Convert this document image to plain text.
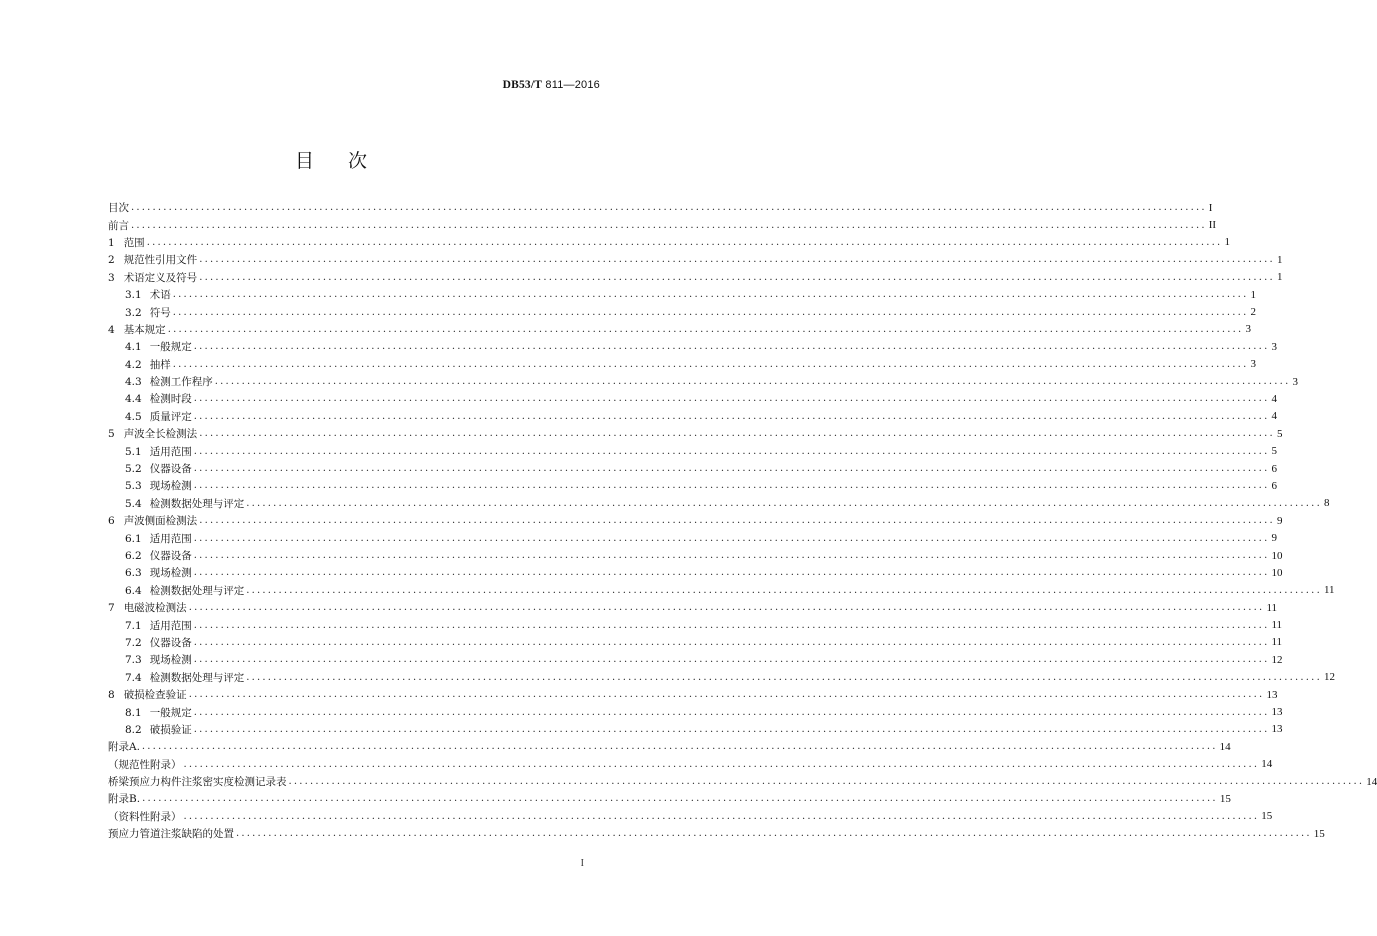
DB53/T 811—2016
目次
目次 ........................................................................................................................................................................................................ I
前言 ........................................................................................................................................................................................................ II
1 范围 ........................................................................................................................................................................................................ 1
2 规范性引用文件 ........................................................................................................................................................................................................ 1
3 术语定义及符号 ........................................................................................................................................................................................................ 1
3.1 术语 ........................................................................................................................................................................................................ 1
3.2 符号 ........................................................................................................................................................................................................ 2
4 基本规定 ........................................................................................................................................................................................................ 3
4.1 一般规定 ........................................................................................................................................................................................................ 3
4.2 抽样 ........................................................................................................................................................................................................ 3
4.3 检测工作程序 ........................................................................................................................................................................................................ 3
4.4 检测时段 ........................................................................................................................................................................................................ 4
4.5 质量评定 ........................................................................................................................................................................................................ 4
5 声波全长检测法 ........................................................................................................................................................................................................ 5
5.1 适用范围 ........................................................................................................................................................................................................ 5
5.2 仪器设备 ........................................................................................................................................................................................................ 6
5.3 现场检测 ........................................................................................................................................................................................................ 6
5.4 检测数据处理与评定 ........................................................................................................................................................................................................ 8
6 声波侧面检测法 ........................................................................................................................................................................................................ 9
6.1 适用范围 ........................................................................................................................................................................................................ 9
6.2 仪器设备 ........................................................................................................................................................................................................ 10
6.3 现场检测 ........................................................................................................................................................................................................ 10
6.4 检测数据处理与评定 ........................................................................................................................................................................................................ 11
7 电磁波检测法 ........................................................................................................................................................................................................ 11
7.1 适用范围 ........................................................................................................................................................................................................ 11
7.2 仪器设备 ........................................................................................................................................................................................................ 11
7.3 现场检测 ........................................................................................................................................................................................................ 12
7.4 检测数据处理与评定 ........................................................................................................................................................................................................ 12
8 破损检查验证 ........................................................................................................................................................................................................ 13
8.1 一般规定 ........................................................................................................................................................................................................ 13
8.2 破损验证 ........................................................................................................................................................................................................ 13
附录A. ........................................................................................................................................................................................................ 14
（规范性附录） ........................................................................................................................................................................................................ 14
桥梁预应力构件注浆密实度检测记录表 ........................................................................................................................................................................................................ 14
附录B. ........................................................................................................................................................................................................ 15
（资料性附录） ........................................................................................................................................................................................................ 15
预应力管道注浆缺陷的处置 ........................................................................................................................................................................................................ 15
I
